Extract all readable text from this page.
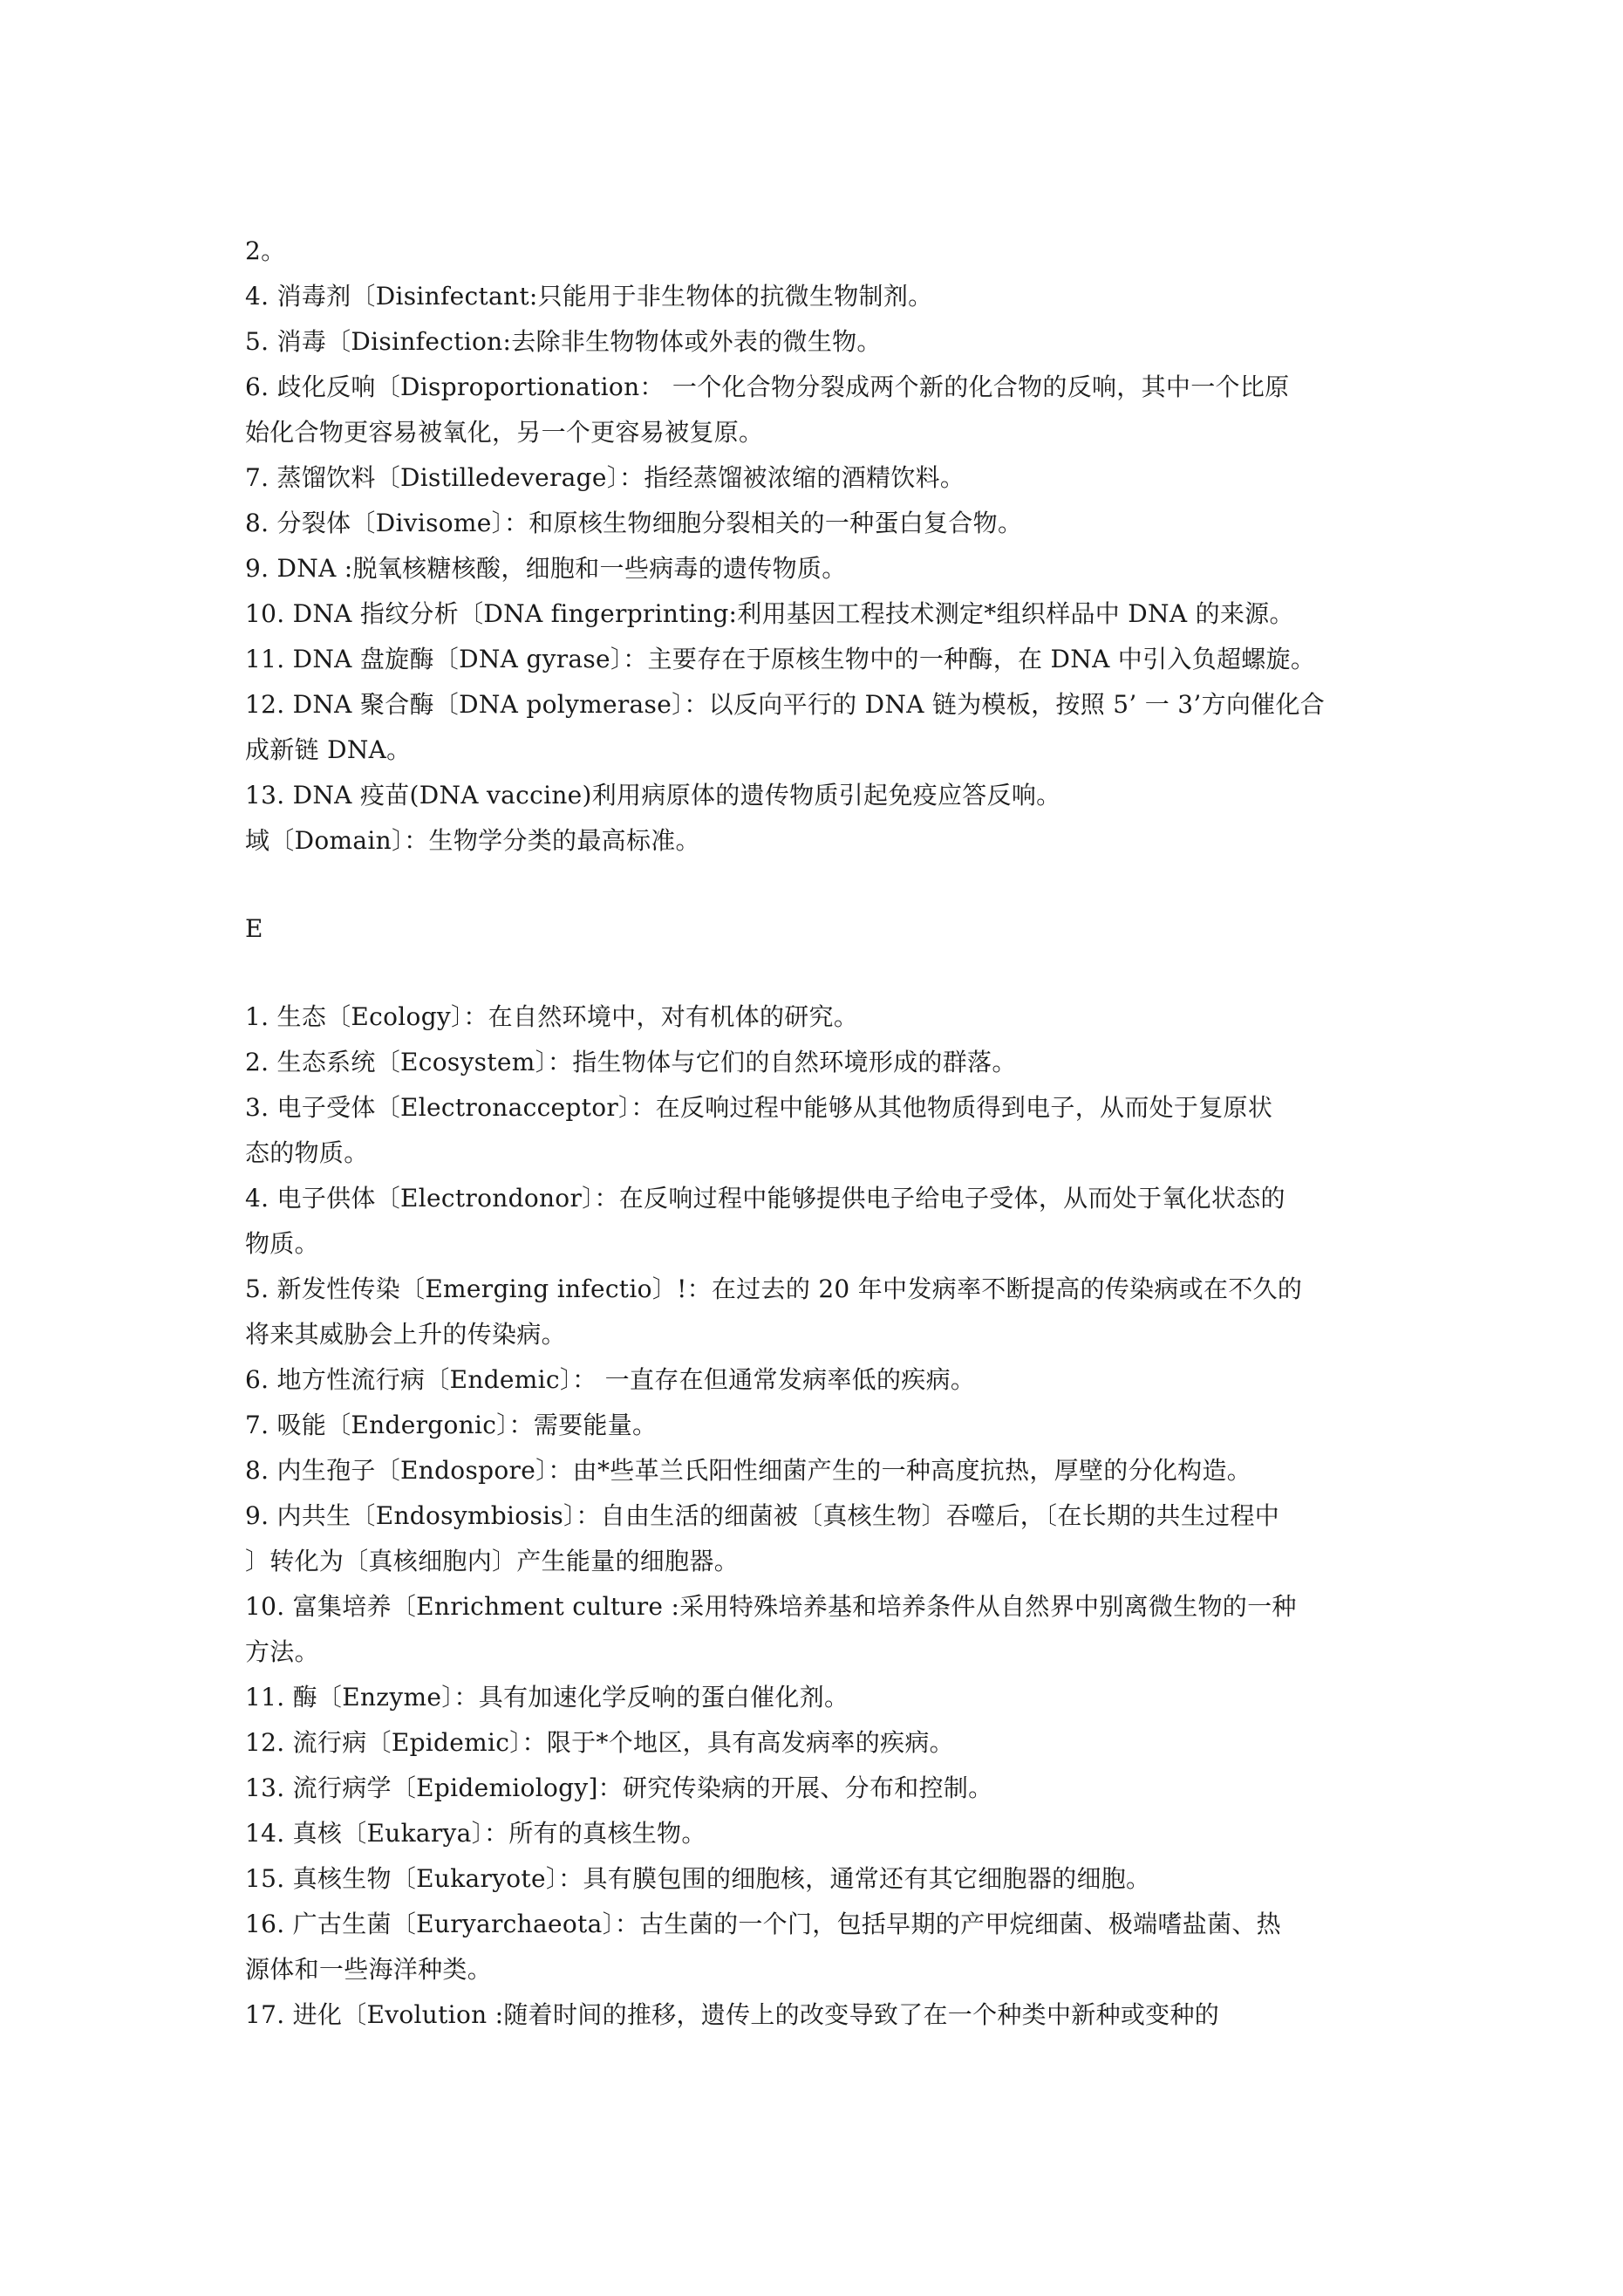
2。
4. 消毒剂〔Disinfectant:只能用于非生物体的抗微生物制剂。
5. 消毒〔Disinfection:去除非生物物体或外表的微生物。
6. 歧化反响〔Disproportionation： 一个化合物分裂成两个新的化合物的反响，其中一个比原
始化合物更容易被氧化，另一个更容易被复原。
7. 蒸馏饮料〔Distilledeverage〕：指经蒸馏被浓缩的酒精饮料。
8. 分裂体〔Divisome〕：和原核生物细胞分裂相关的一种蛋白复合物。
9. DNA :脱氧核糖核酸，细胞和一些病毒的遗传物质。
10. DNA 指纹分析〔DNA fingerprinting:利用基因工程技术测定*组织样品中 DNA 的来源。
11. DNA 盘旋酶〔DNA gyrase〕：主要存在于原核生物中的一种酶，在 DNA 中引入负超螺旋。
12. DNA 聚合酶〔DNA polymerase〕：以反向平行的 DNA 链为模板，按照 5’ 一 3’方向催化合
成新链 DNA。
13. DNA 疫苗(DNA vaccine)利用病原体的遗传物质引起免疫应答反响。
域〔Domain〕：生物学分类的最高标准。
E
1. 生态〔Ecology〕：在自然环境中，对有机体的研究。
2. 生态系统〔Ecosystem〕：指生物体与它们的自然环境形成的群落。
3. 电子受体〔Electronacceptor〕：在反响过程中能够从其他物质得到电子，从而处于复原状
态的物质。
4. 电子供体〔Electrondonor〕：在反响过程中能够提供电子给电子受体，从而处于氧化状态的
物质。
5. 新发性传染〔Emerging infectio〕!：在过去的 20 年中发病率不断提高的传染病或在不久的
将来其威胁会上升的传染病。
6. 地方性流行病〔Endemic〕： 一直存在但通常发病率低的疾病。
7. 吸能〔Endergonic〕：需要能量。
8. 内生孢子〔Endospore〕：由*些革兰氏阳性细菌产生的一种高度抗热，厚壁的分化构造。
9. 内共生〔Endosymbiosis〕：自由生活的细菌被〔真核生物〕吞噬后，〔在长期的共生过程中
〕转化为〔真核细胞内〕产生能量的细胞器。
10. 富集培养〔Enrichment culture :采用特殊培养基和培养条件从自然界中别离微生物的一种
方法。
11. 酶〔Enzyme〕：具有加速化学反响的蛋白催化剂。
12. 流行病〔Epidemic〕：限于*个地区，具有高发病率的疾病。
13. 流行病学〔Epidemiology]：研究传染病的开展、分布和控制。
14. 真核〔Eukarya〕：所有的真核生物。
15. 真核生物〔Eukaryote〕：具有膜包围的细胞核，通常还有其它细胞器的细胞。
16. 广古生菌〔Euryarchaeota〕：古生菌的一个门，包括早期的产甲烷细菌、极端嗜盐菌、热
源体和一些海洋种类。
17. 进化〔Evolution :随着时间的推移，遗传上的改变导致了在一个种类中新种或变种的
